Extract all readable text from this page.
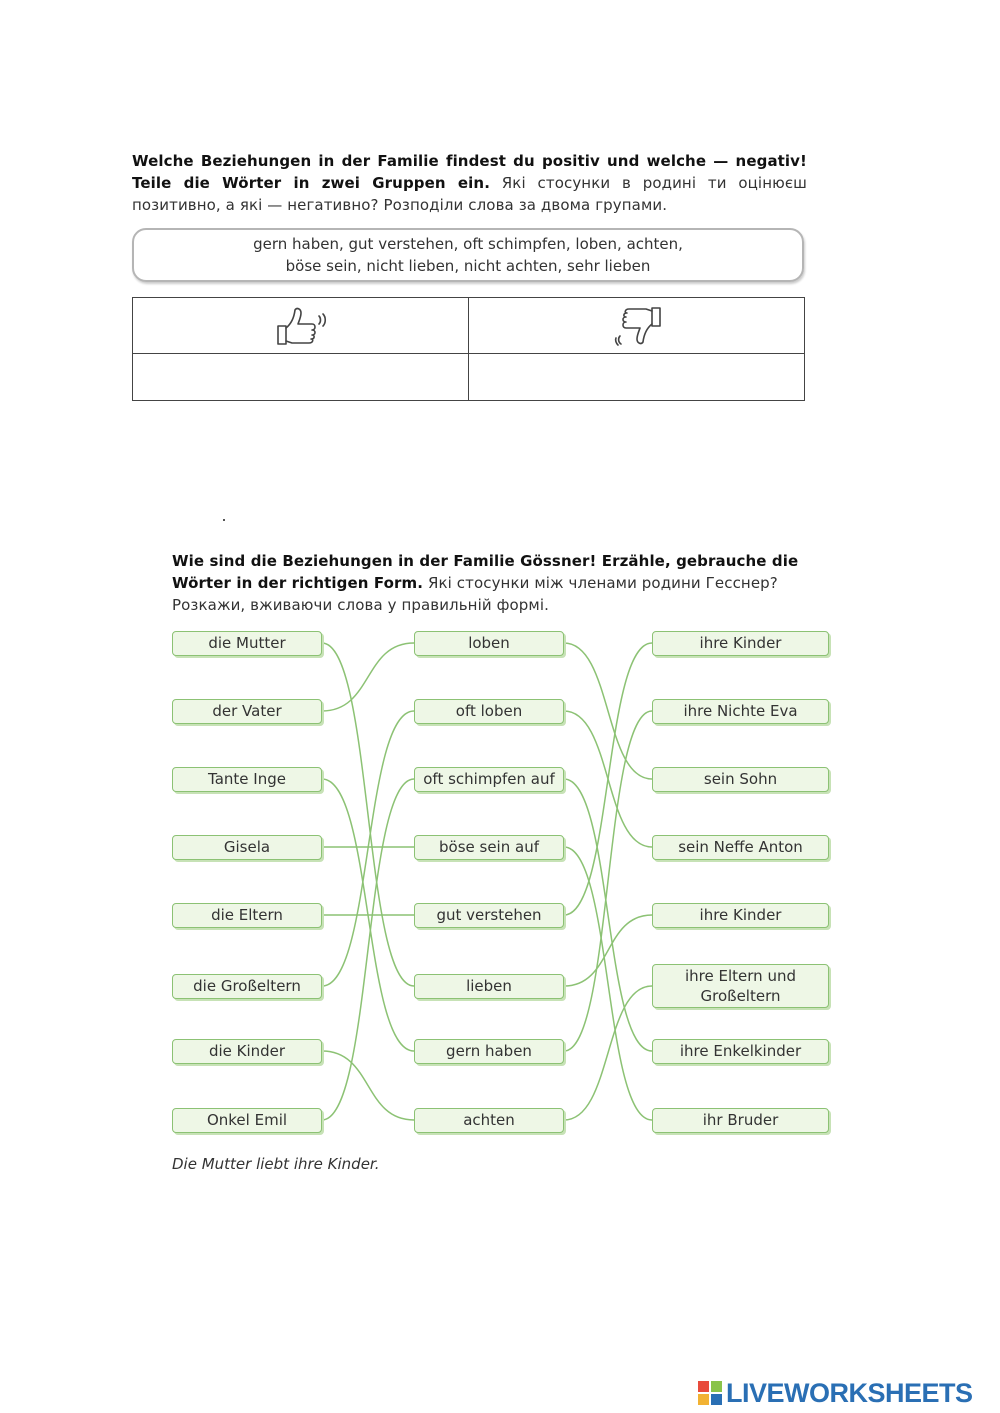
Welche Beziehungen in der Familie findest du positiv und welche — negativ! Teile die Wörter in zwei Gruppen ein. Які стосунки в родині ти оцінюєш позитивно, а які — негативно? Розподіли слова за двома групами.
gern haben, gut verstehen, oft schimpfen, loben, achten,
böse sein, nicht lieben, nicht achten, sehr lieben
Wie sind die Beziehungen in der Familie Gössner! Erzähle, gebrauche die Wörter in der richtigen Form. Які стосунки між членами родини Гесснер? Розкажи, вживаючи слова у правильній формі.
die Mutter
der Vater
Tante Inge
Gisela
die Eltern
die Großeltern
die Kinder
Onkel Emil
loben
oft loben
oft schimpfen auf
böse sein auf
gut verstehen
lieben
gern haben
achten
ihre Kinder
ihre Nichte Eva
sein Sohn
sein Neffe Anton
ihre Kinder
ihre Eltern und
Großeltern
ihre Enkelkinder
ihr Bruder
Die Mutter liebt ihre Kinder.
LIVEWORKSHEETS
